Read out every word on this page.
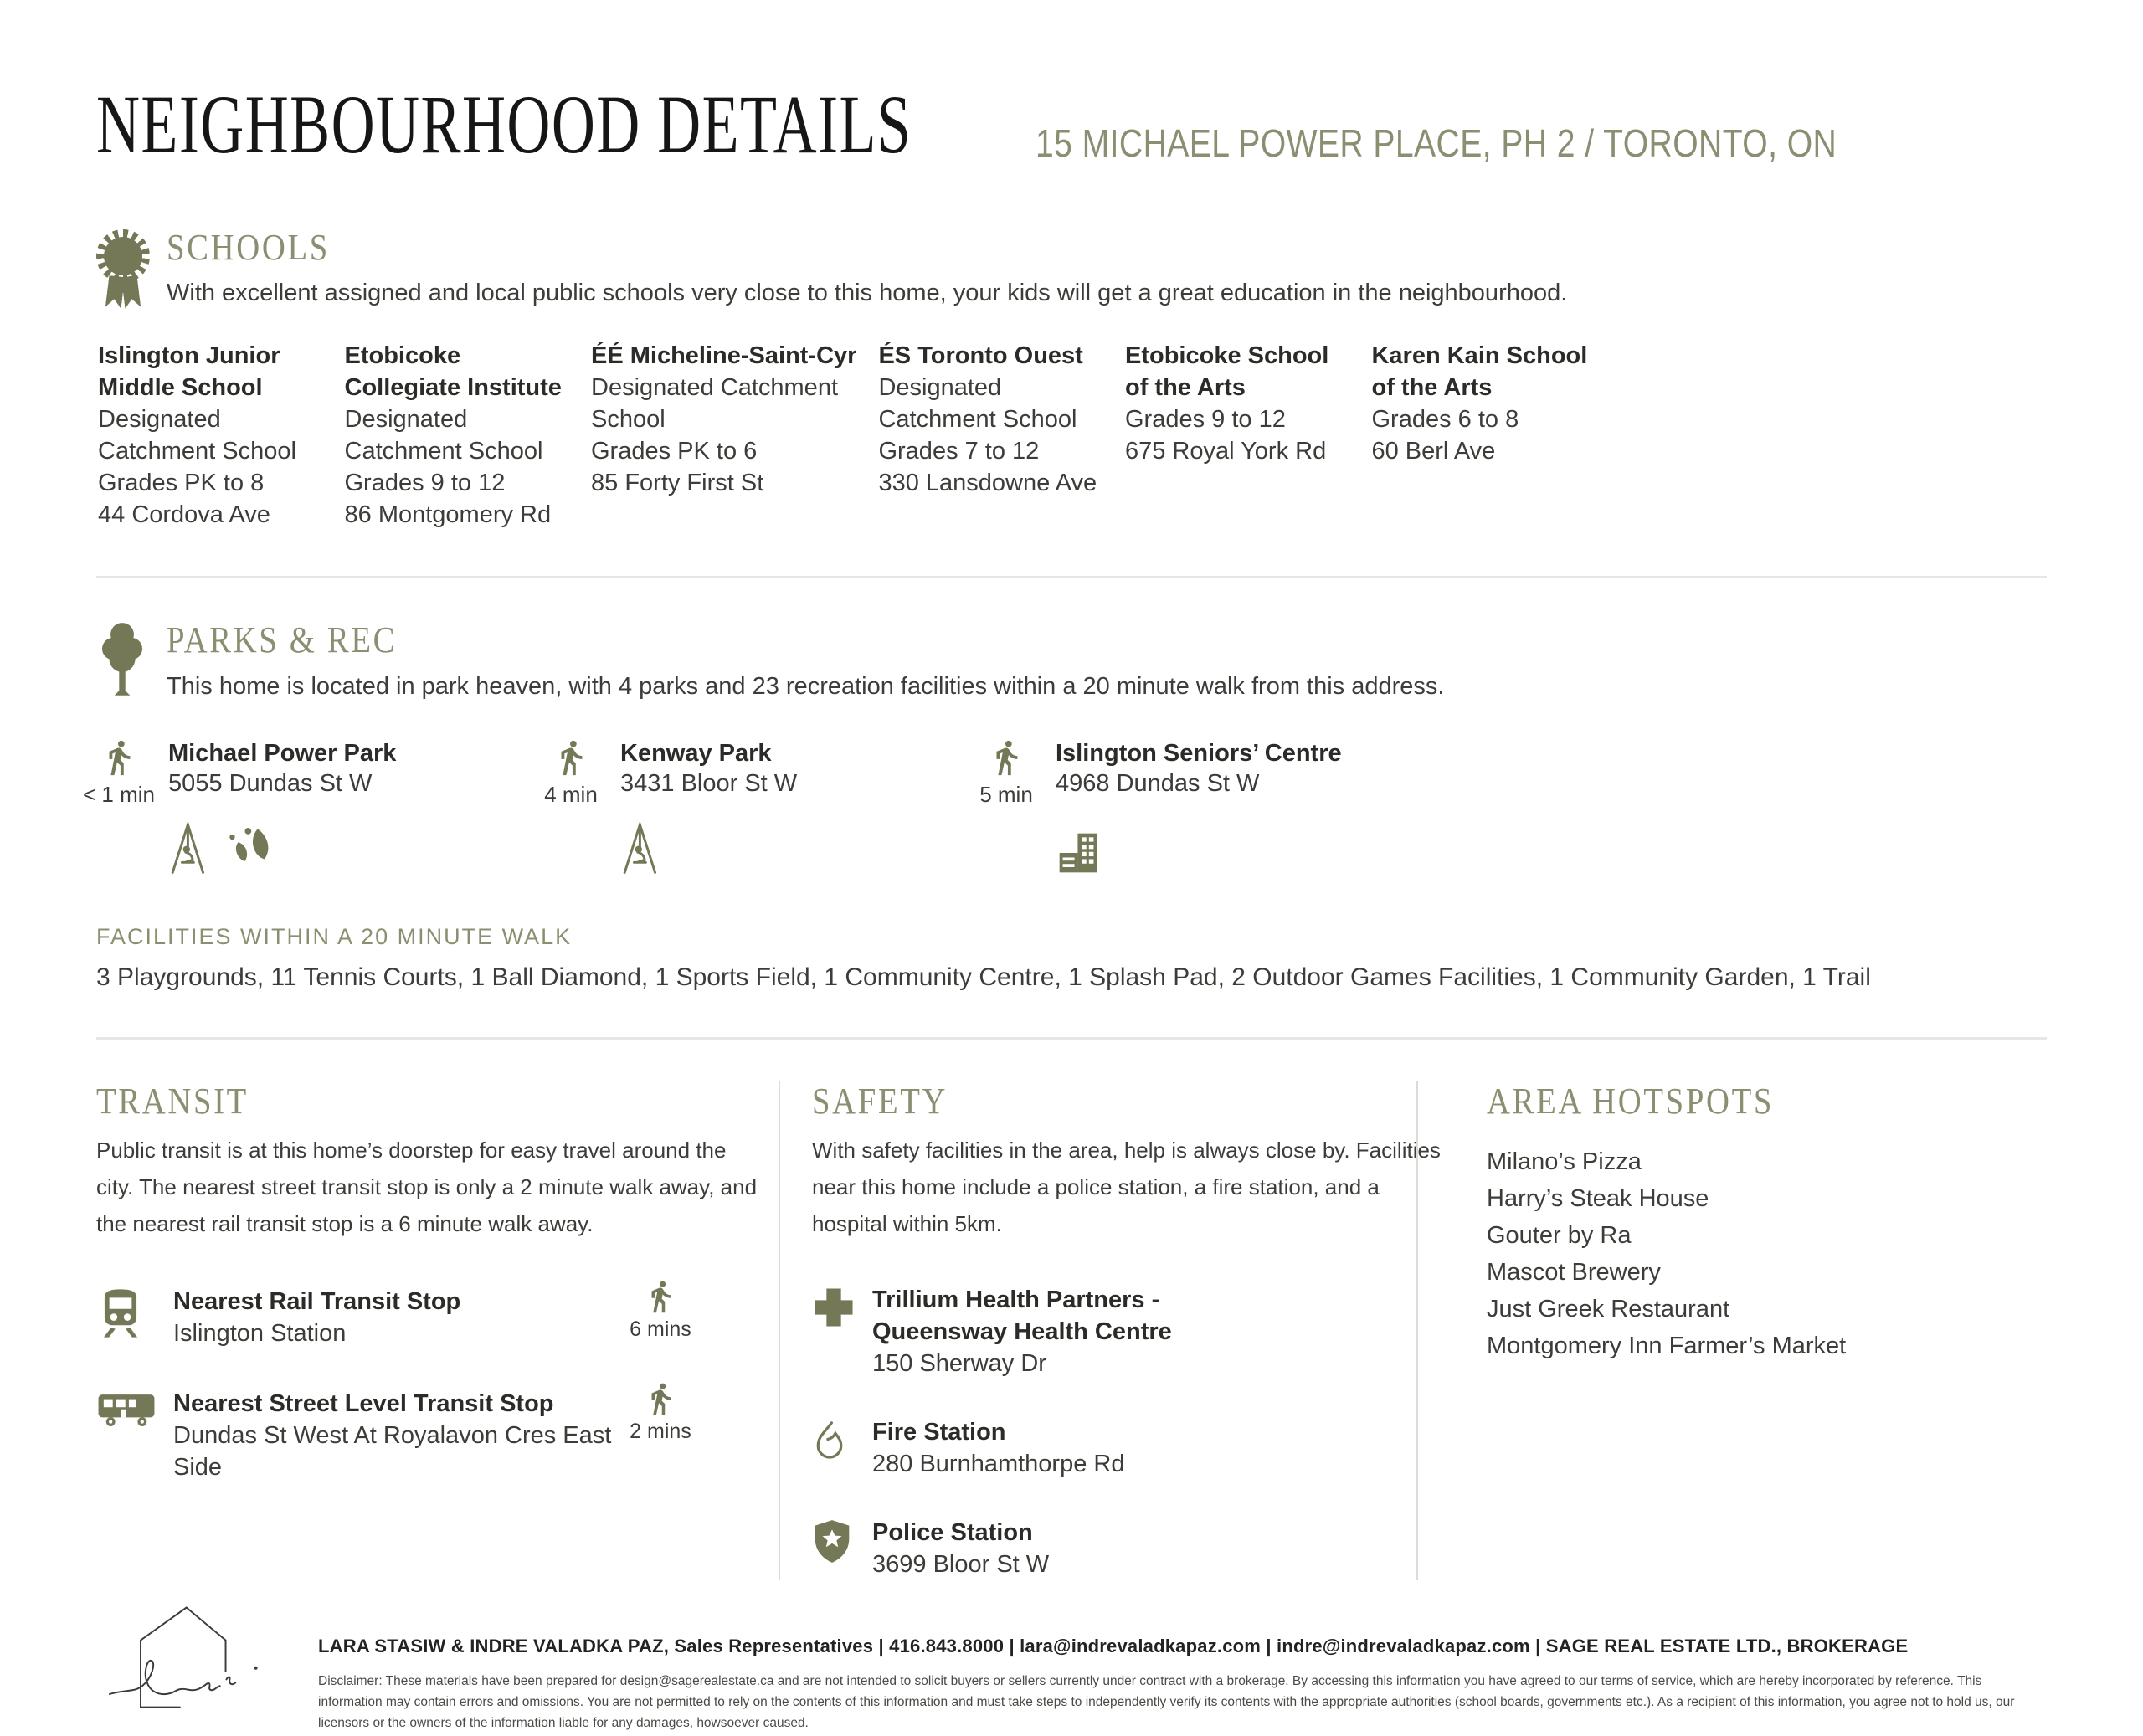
NEIGHBOURHOOD DETAILS	15 MICHAEL POWER PLACE, PH 2 / TORONTO, ON
SCHOOLS

With excellent assigned and local public schools very close to this home, your kids will get a great education in the neighbourhood.

Islington Junior Middle School
Designated Catchment School
Grades PK to 8
44 Cordova Ave
Etobicoke Collegiate Institute
Designated Catchment School
Grades 9 to 12
86 Montgomery Rd
ÉÉ Micheline-Saint-Cyr
Designated Catchment School
Grades PK to 6
85 Forty First St
ÉS Toronto Ouest
Designated Catchment School
Grades 7 to 12
330 Lansdowne Ave
Etobicoke School of the Arts
Grades 9 to 12
675 Royal York Rd
Karen Kain School of the Arts
Grades 6 to 8
60 Berl Ave
PARKS & REC

This home is located in park heaven, with 4 parks and 23 recreation facilities within a 20 minute walk from this address.

< 1 min
Michael Power Park
5055 Dundas St W	4 min
Kenway Park
3431 Bloor St W	5 min
Islington Seniors’ Centre
4968 Dundas St W
FACILITIES WITHIN A 20 MINUTE WALK
3 Playgrounds, 11 Tennis Courts, 1 Ball Diamond, 1 Sports Field, 1 Community Centre, 1 Splash Pad, 2 Outdoor Games Facilities, 1 Community Garden, 1 Trail
TRANSIT

Public transit is at this home’s doorstep for easy travel around the city. The nearest street transit stop is only a 2 minute walk away, and the nearest rail transit stop is a 6 minute walk away.

Nearest Rail Transit Stop
Islington Station	6 mins
Nearest Street Level Transit Stop
Dundas St West At Royalavon Cres East Side
2 mins
SAFETY

With safety facilities in the area, help is always close by. Facilities near this home include a police station, a fire station, and a hospital within 5km.

Trillium Health Partners - Queensway Health Centre
150 Sherway Dr
Fire Station
280 Burnhamthorpe Rd
Police Station
3699 Bloor St W
AREA HOTSPOTS
Milano’s Pizza
Harry’s Steak House
Gouter by Ra
Mascot Brewery
Just Greek Restaurant
Montgomery Inn Farmer’s Market
LARA STASIW & INDRE VALADKA PAZ, Sales Representatives | 416.843.8000 | lara@indrevaladkapaz.com | indre@indrevaladkapaz.com | SAGE REAL ESTATE LTD., BROKERAGE

Disclaimer: These materials have been prepared for design@sagerealestate.ca and are not intended to solicit buyers or sellers currently under contract with a brokerage. By accessing this information you have agreed to our terms of service, which are hereby incorporated by reference. This information may contain errors and omissions. You are not permitted to rely on the contents of this information and must take steps to independently verify its contents with the appropriate authorities (school boards, governments etc.). As a recipient of this information, you agree not to hold us, our licensors or the owners of the information liable for any damages, howsoever caused.
